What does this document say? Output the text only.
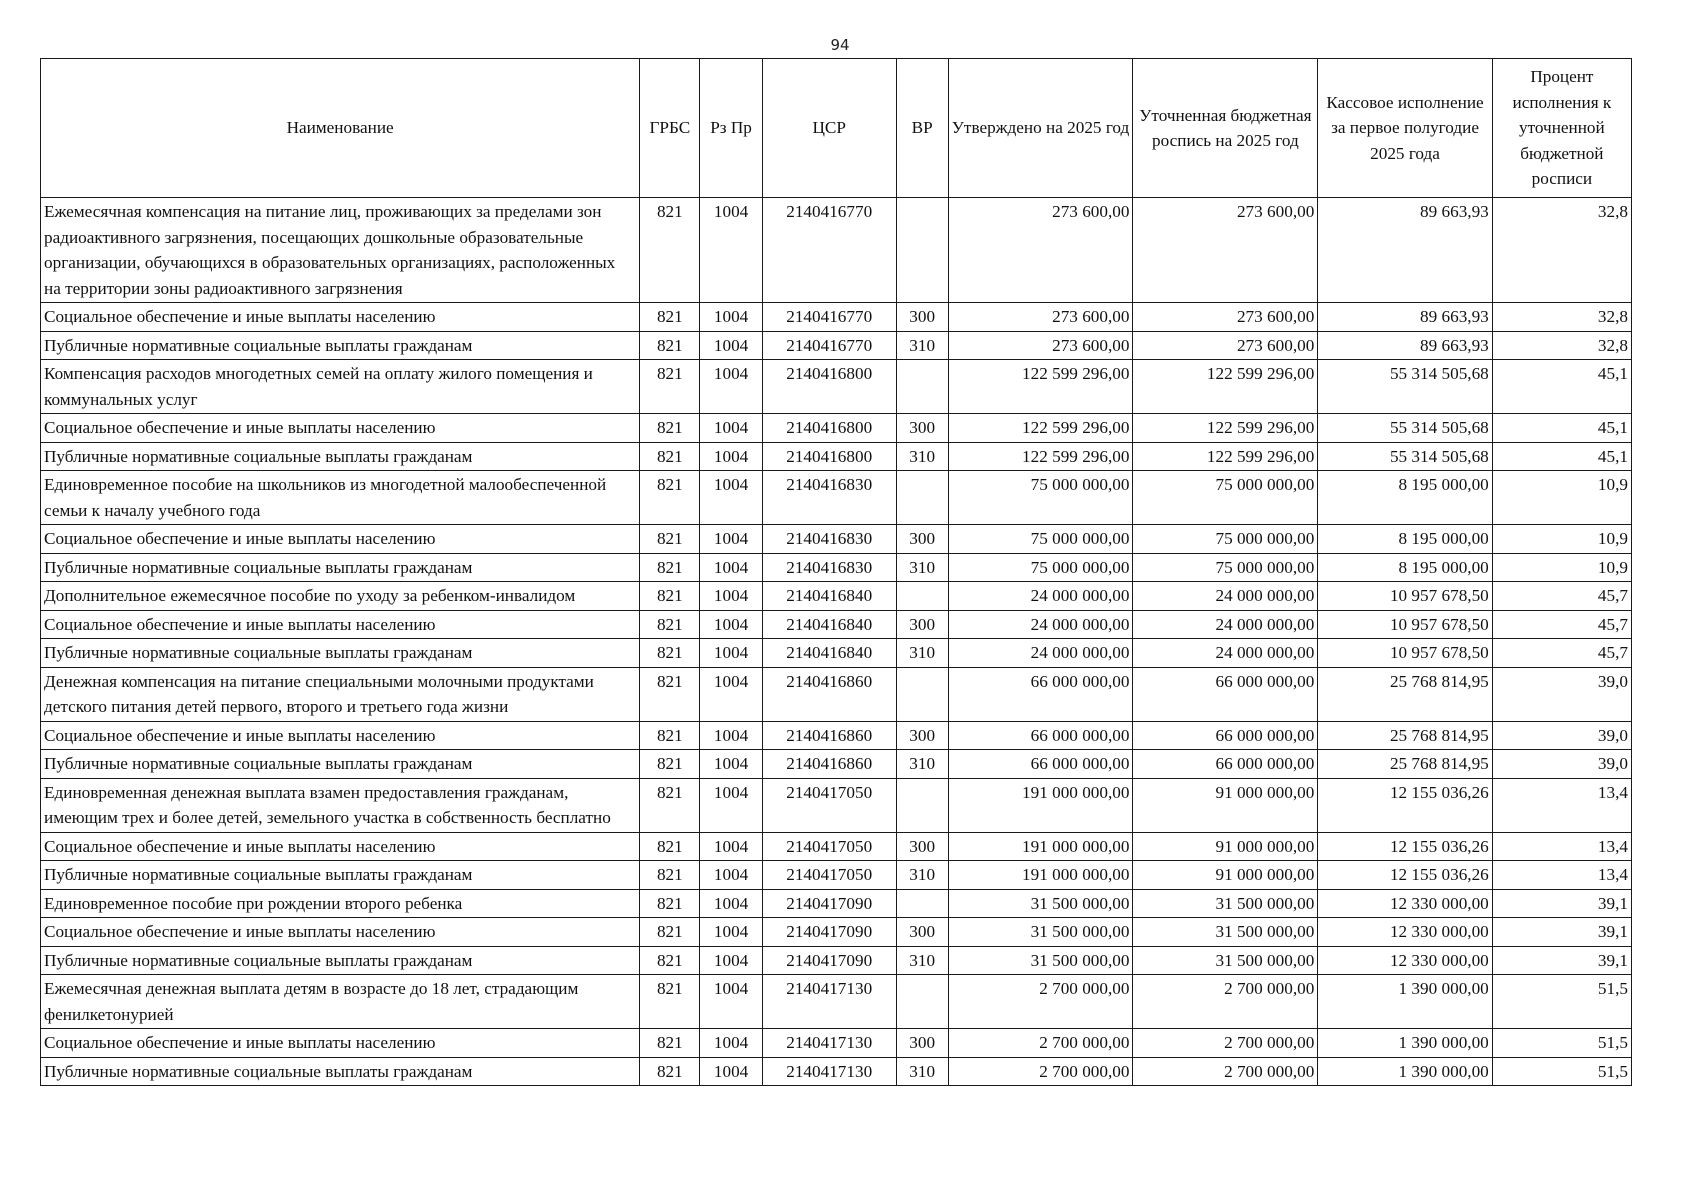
94
Наименование	ГРБС	Рз Пр	ЦСР	ВР	Утверждено на 2025 год	Уточненная бюджетная роспись на 2025 год	Кассовое исполнение за первое полугодие 2025 года	Процент исполнения к уточненной бюджетной росписи
Ежемесячная компенсация на питание лиц, проживающих за пределами зон радиоактивного загрязнения, посещающих дошкольные образовательные организации, обучающихся в образовательных организациях, расположенных на территории зоны радиоактивного загрязнения	821	1004	2140416770		273 600,00	273 600,00	89 663,93	32,8
Социальное обеспечение и иные выплаты населению	821	1004	2140416770	300	273 600,00	273 600,00	89 663,93	32,8
Публичные нормативные социальные выплаты гражданам	821	1004	2140416770	310	273 600,00	273 600,00	89 663,93	32,8
Компенсация расходов многодетных семей на оплату жилого помещения и коммунальных услуг	821	1004	2140416800		122 599 296,00	122 599 296,00	55 314 505,68	45,1
Социальное обеспечение и иные выплаты населению	821	1004	2140416800	300	122 599 296,00	122 599 296,00	55 314 505,68	45,1
Публичные нормативные социальные выплаты гражданам	821	1004	2140416800	310	122 599 296,00	122 599 296,00	55 314 505,68	45,1
Единовременное пособие на школьников из многодетной малообеспеченной семьи к началу учебного года	821	1004	2140416830		75 000 000,00	75 000 000,00	8 195 000,00	10,9
Социальное обеспечение и иные выплаты населению	821	1004	2140416830	300	75 000 000,00	75 000 000,00	8 195 000,00	10,9
Публичные нормативные социальные выплаты гражданам	821	1004	2140416830	310	75 000 000,00	75 000 000,00	8 195 000,00	10,9
Дополнительное ежемесячное пособие по уходу за ребенком-инвалидом	821	1004	2140416840		24 000 000,00	24 000 000,00	10 957 678,50	45,7
Социальное обеспечение и иные выплаты населению	821	1004	2140416840	300	24 000 000,00	24 000 000,00	10 957 678,50	45,7
Публичные нормативные социальные выплаты гражданам	821	1004	2140416840	310	24 000 000,00	24 000 000,00	10 957 678,50	45,7
Денежная компенсация на питание специальными молочными продуктами детского питания детей первого, второго и третьего года жизни	821	1004	2140416860		66 000 000,00	66 000 000,00	25 768 814,95	39,0
Социальное обеспечение и иные выплаты населению	821	1004	2140416860	300	66 000 000,00	66 000 000,00	25 768 814,95	39,0
Публичные нормативные социальные выплаты гражданам	821	1004	2140416860	310	66 000 000,00	66 000 000,00	25 768 814,95	39,0
Единовременная денежная выплата взамен предоставления гражданам, имеющим трех и более детей, земельного участка в собственность бесплатно	821	1004	2140417050		191 000 000,00	91 000 000,00	12 155 036,26	13,4
Социальное обеспечение и иные выплаты населению	821	1004	2140417050	300	191 000 000,00	91 000 000,00	12 155 036,26	13,4
Публичные нормативные социальные выплаты гражданам	821	1004	2140417050	310	191 000 000,00	91 000 000,00	12 155 036,26	13,4
Единовременное пособие при рождении второго ребенка	821	1004	2140417090		31 500 000,00	31 500 000,00	12 330 000,00	39,1
Социальное обеспечение и иные выплаты населению	821	1004	2140417090	300	31 500 000,00	31 500 000,00	12 330 000,00	39,1
Публичные нормативные социальные выплаты гражданам	821	1004	2140417090	310	31 500 000,00	31 500 000,00	12 330 000,00	39,1
Ежемесячная денежная выплата детям в возрасте до 18 лет, страдающим фенилкетонурией	821	1004	2140417130		2 700 000,00	2 700 000,00	1 390 000,00	51,5
Социальное обеспечение и иные выплаты населению	821	1004	2140417130	300	2 700 000,00	2 700 000,00	1 390 000,00	51,5
Публичные нормативные социальные выплаты гражданам	821	1004	2140417130	310	2 700 000,00	2 700 000,00	1 390 000,00	51,5
